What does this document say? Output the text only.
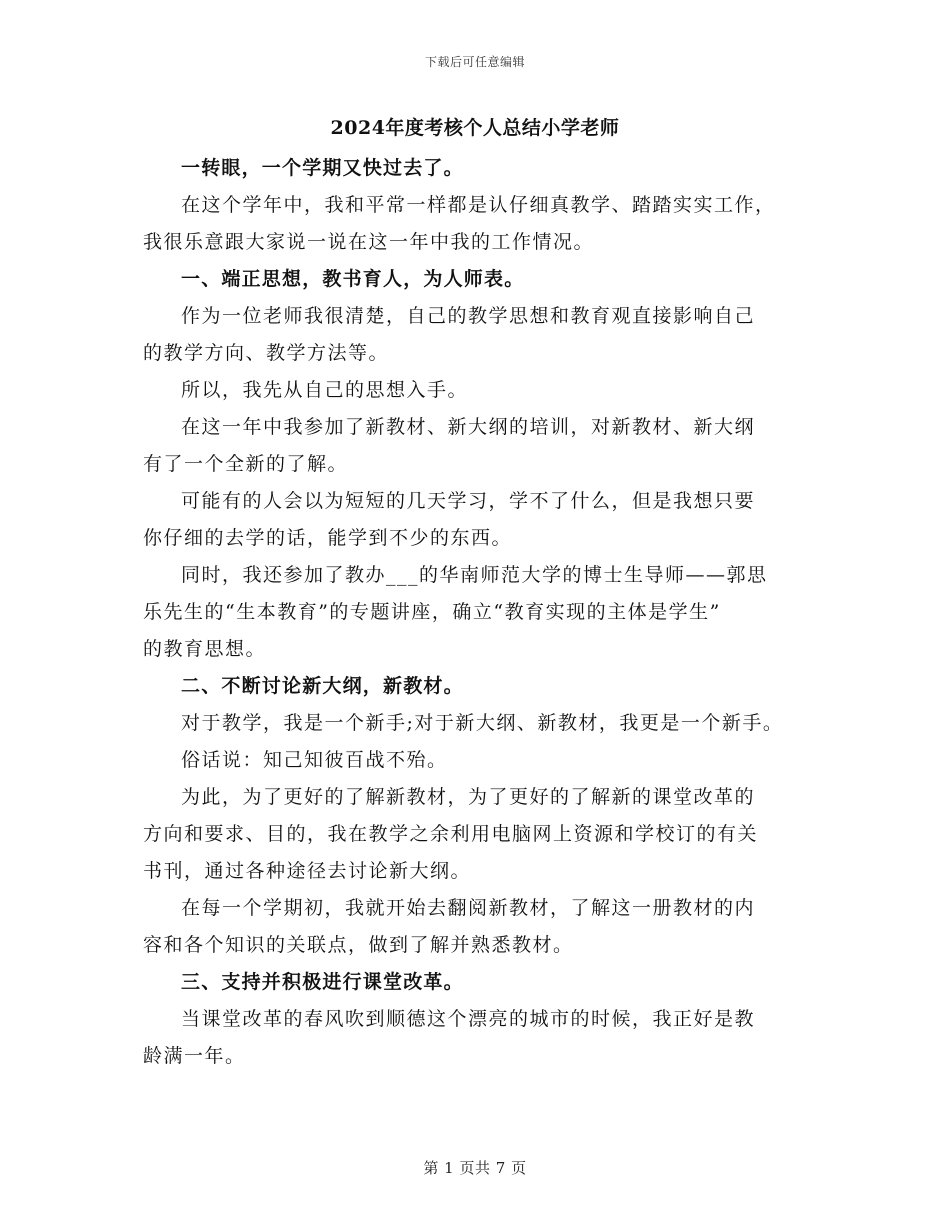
下载后可任意编辑
2024年度考核个人总结小学老师

一转眼，一个学期又快过去了。

在这个学年中，我和平常一样都是认仔细真教学、踏踏实实工作，
我很乐意跟大家说一说在这一年中我的工作情况。

一、端正思想，教书育人，为人师表。

作为一位老师我很清楚，自己的教学思想和教育观直接影响自己
的教学方向、教学方法等。

所以，我先从自己的思想入手。

在这一年中我参加了新教材、新大纲的培训，对新教材、新大纲
有了一个全新的了解。

可能有的人会以为短短的几天学习，学不了什么，但是我想只要
你仔细的去学的话，能学到不少的东西。

同时，我还参加了教办___的华南师范大学的博士生导师——郭思
乐先生的“生本教育”的专题讲座，确立“教育实现的主体是学生”
的教育思想。

二、不断讨论新大纲，新教材。

对于教学，我是一个新手;对于新大纲、新教材，我更是一个新手。

俗话说：知己知彼百战不殆。

为此，为了更好的了解新教材，为了更好的了解新的课堂改革的
方向和要求、目的，我在教学之余利用电脑网上资源和学校订的有关
书刊，通过各种途径去讨论新大纲。

在每一个学期初，我就开始去翻阅新教材，了解这一册教材的内
容和各个知识的关联点，做到了解并熟悉教材。

三、支持并积极进行课堂改革。

当课堂改革的春风吹到顺德这个漂亮的城市的时候，我正好是教
龄满一年。

第 1 页共 7 页
